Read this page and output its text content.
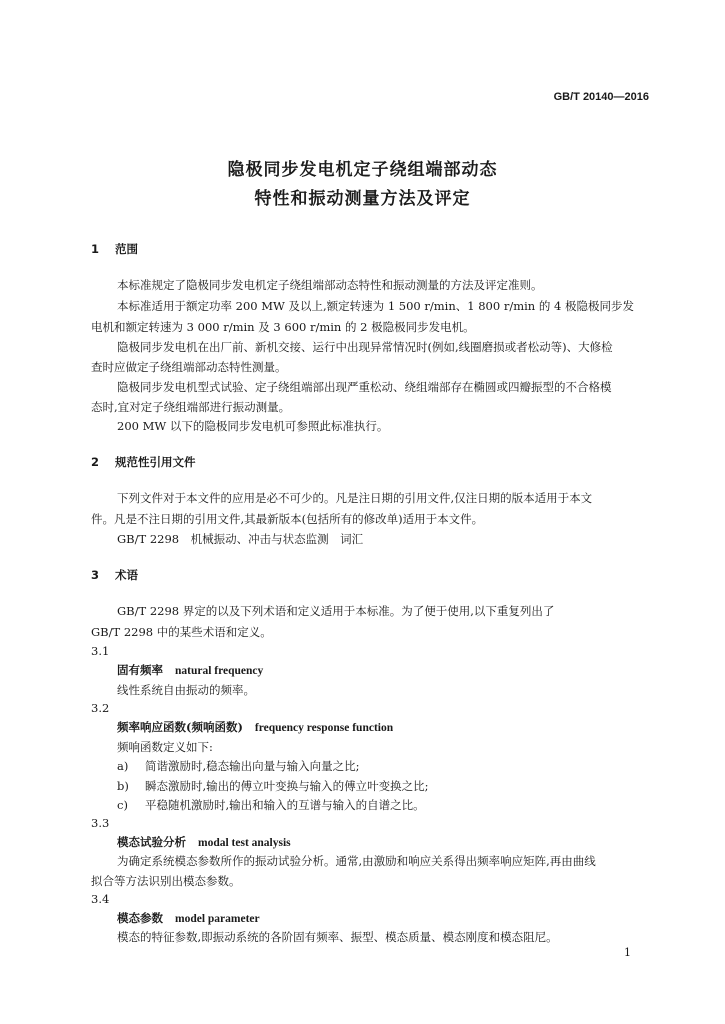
GB/T 20140—2016
隐极同步发电机定子绕组端部动态
特性和振动测量方法及评定
1 范围
本标准规定了隐极同步发电机定子绕组端部动态特性和振动测量的方法及评定准则。
本标准适用于额定功率 200 MW 及以上,额定转速为 1 500 r/min、1 800 r/min 的 4 极隐极同步发
电机和额定转速为 3 000 r/min 及 3 600 r/min 的 2 极隐极同步发电机。
隐极同步发电机在出厂前、新机交接、运行中出现异常情况时(例如,线圈磨损或者松动等)、大修检
查时应做定子绕组端部动态特性测量。
隐极同步发电机型式试验、定子绕组端部出现严重松动、绕组端部存在椭圆或四瓣振型的不合格模
态时,宜对定子绕组端部进行振动测量。
200 MW 以下的隐极同步发电机可参照此标准执行。
2 规范性引用文件
下列文件对于本文件的应用是必不可少的。凡是注日期的引用文件,仅注日期的版本适用于本文
件。凡是不注日期的引用文件,其最新版本(包括所有的修改单)适用于本文件。
GB/T 2298　机械振动、冲击与状态监测　词汇
3 术语
GB/T 2298 界定的以及下列术语和定义适用于本标准。为了便于使用,以下重复列出了
GB/T 2298 中的某些术语和定义。
3.1
固有频率 natural frequency
线性系统自由振动的频率。
3.2
频率响应函数(频响函数) frequency response function
频响函数定义如下:
a) 简谐激励时,稳态输出向量与输入向量之比;
b) 瞬态激励时,输出的傅立叶变换与输入的傅立叶变换之比;
c) 平稳随机激励时,输出和输入的互谱与输入的自谱之比。
3.3
模态试验分析 modal test analysis
为确定系统模态参数所作的振动试验分析。通常,由激励和响应关系得出频率响应矩阵,再由曲线
拟合等方法识别出模态参数。
3.4
模态参数 model parameter
模态的特征参数,即振动系统的各阶固有频率、振型、模态质量、模态刚度和模态阻尼。
1
